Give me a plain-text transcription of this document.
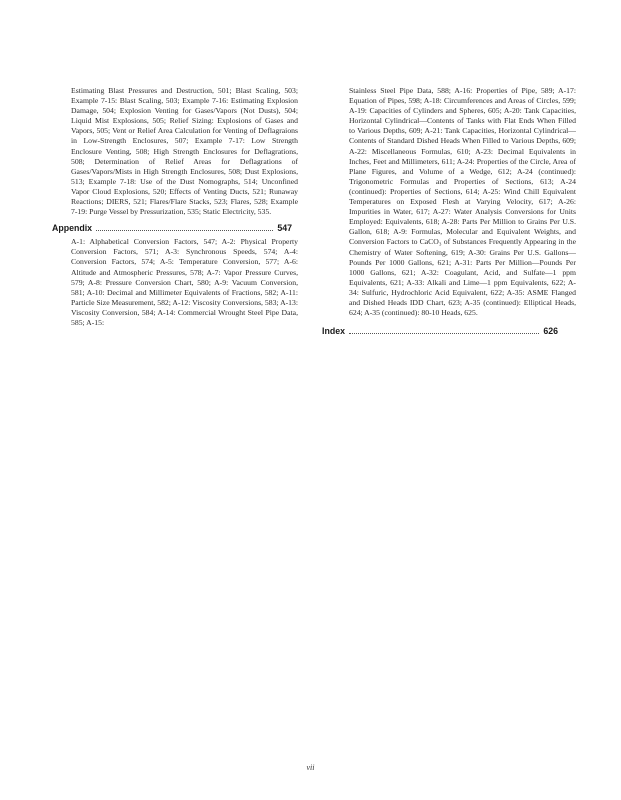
Estimating Blast Pressures and Destruction, 501; Blast Scaling, 503; Example 7-15: Blast Scaling, 503; Example 7-16: Estimating Explosion Damage, 504; Explosion Venting for Gases/Vapors (Not Dusts), 504; Liquid Mist Explosions, 505; Relief Sizing: Explosions of Gases and Vapors, 505; Vent or Relief Area Calculation for Venting of Deflagraions in Low-Strength Enclosures, 507; Example 7-17: Low Strength Enclosure Venting, 508; High Strength Enclosures for Deflagrations, 508; Determination of Relief Areas for Deflagrations of Gases/Vapors/Mists in High Strength Enclosures, 508; Dust Explosions, 513; Example 7-18: Use of the Dust Nomographs, 514; Unconfined Vapor Cloud Explosions, 520; Effects of Venting Ducts, 521; Runaway Reactions; DIERS, 521; Flares/Flare Stacks, 523; Flares, 528; Example 7-19: Purge Vessel by Pressurization, 535; Static Electricity, 535.

Appendix	547

A-1: Alphabetical Conversion Factors, 547; A-2: Physical Property Conversion Factors, 571; A-3: Synchronous Speeds, 574; A-4: Conversion Factors, 574; A-5: Temperature Conversion, 577; A-6: Altitude and Atmospheric Pressures, 578; A-7: Vapor Pressure Curves, 579; A-8: Pressure Conversion Chart, 580; A-9: Vacuum Conversion, 581; A-10: Decimal and Millimeter Equivalents of Fractions, 582; A-11: Particle Size Measurement, 582; A-12: Viscosity Conversions, 583; A-13: Viscosity Conversion, 584; A-14: Commercial Wrought Steel Pipe Data, 585; A-15:

Stainless Steel Pipe Data, 588; A-16: Properties of Pipe, 589; A-17: Equation of Pipes, 598; A-18: Circumferences and Areas of Circles, 599; A-19: Capacities of Cylinders and Spheres, 605; A-20: Tank Capacities, Horizontal Cylindrical—Contents of Tanks with Flat Ends When Filled to Various Depths, 609; A-21: Tank Capacities, Horizontal Cylindrical—Contents of Standard Dished Heads When Filled to Various Depths, 609; A-22: Miscellaneous Formulas, 610; A-23: Decimal Equivalents in Inches, Feet and Millimeters, 611; A-24: Properties of the Circle, Area of Plane Figures, and Volume of a Wedge, 612; A-24 (continued): Trigonometric Formulas and Properties of Sections, 613; A-24 (continued): Properties of Sections, 614; A-25: Wind Chill Equivalent Temperatures on Exposed Flesh at Varying Velocity, 617; A-26: Impurities in Water, 617; A-27: Water Analysis Conversions for Units Employed: Equivalents, 618; A-28: Parts Per Million to Grains Per U.S. Gallon, 618; A-9: Formulas, Molecular and Equivalent Weights, and Conversion Factors to CaCO₃ of Substances Frequently Appearing in the Chemistry of Water Softening, 619; A-30: Grains Per U.S. Gallons—Pounds Per 1000 Gallons, 621; A-31: Parts Per Million—Pounds Per 1000 Gallons, 621; A-32: Coagulant, Acid, and Sulfate—1 ppm Equivalents, 621; A-33: Alkali and Lime—1 ppm Equivalents, 622; A-34: Sulfuric, Hydrochloric Acid Equivalent, 622; A-35: ASME Flanged and Dished Heads IDD Chart, 623; A-35 (continued): Elliptical Heads, 624; A-35 (continued): 80-10 Heads, 625.

Index	626
vii
